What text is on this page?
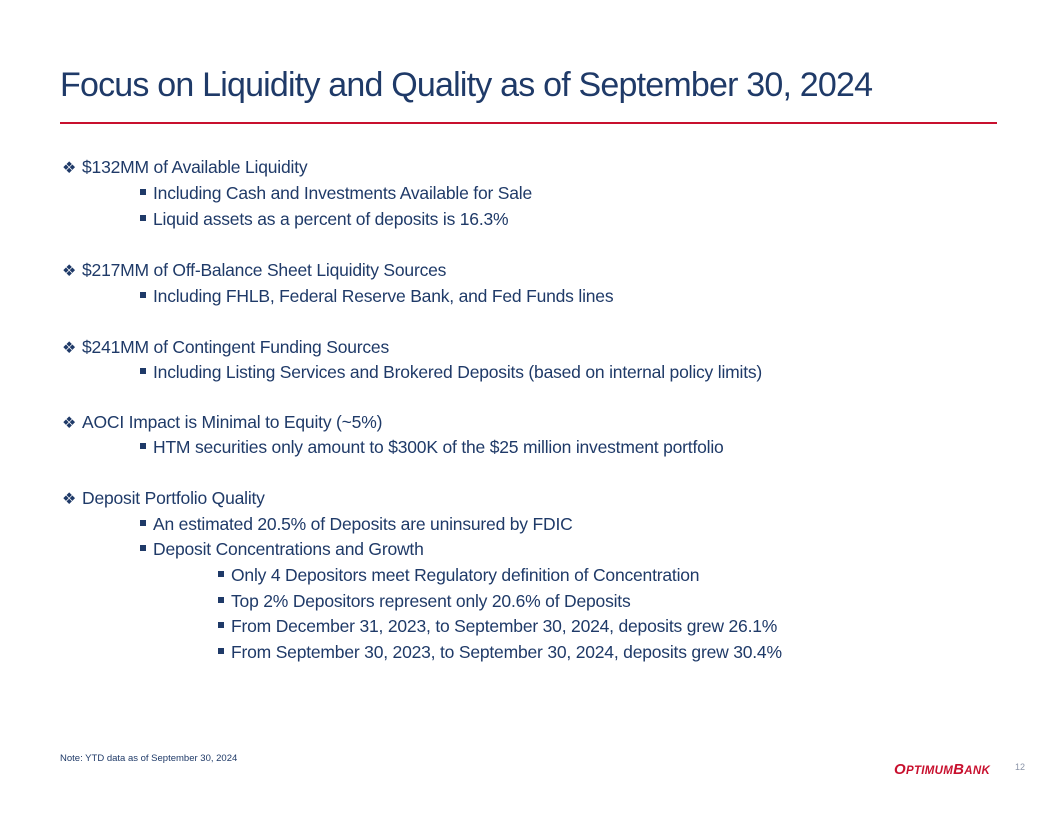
Focus on Liquidity and Quality as of September 30, 2024
❖ $132MM of Available Liquidity
Including Cash and Investments Available for Sale
Liquid assets as a percent of deposits is 16.3%
❖ $217MM of Off-Balance Sheet Liquidity Sources
Including FHLB, Federal Reserve Bank, and Fed Funds lines
❖ $241MM of Contingent Funding Sources
Including Listing Services and Brokered Deposits (based on internal policy limits)
❖ AOCI Impact is Minimal to Equity (~5%)
HTM securities only amount to $300K of the $25 million investment portfolio
❖ Deposit Portfolio Quality
An estimated 20.5% of Deposits are uninsured by FDIC
Deposit Concentrations and Growth
Only 4 Depositors meet Regulatory definition of Concentration
Top 2% Depositors represent only 20.6% of Deposits
From December 31, 2023, to September 30, 2024, deposits grew 26.1%
From September 30, 2023, to September 30, 2024, deposits grew 30.4%
Note: YTD data as of September 30, 2024
OPTIMUMBANK	12
